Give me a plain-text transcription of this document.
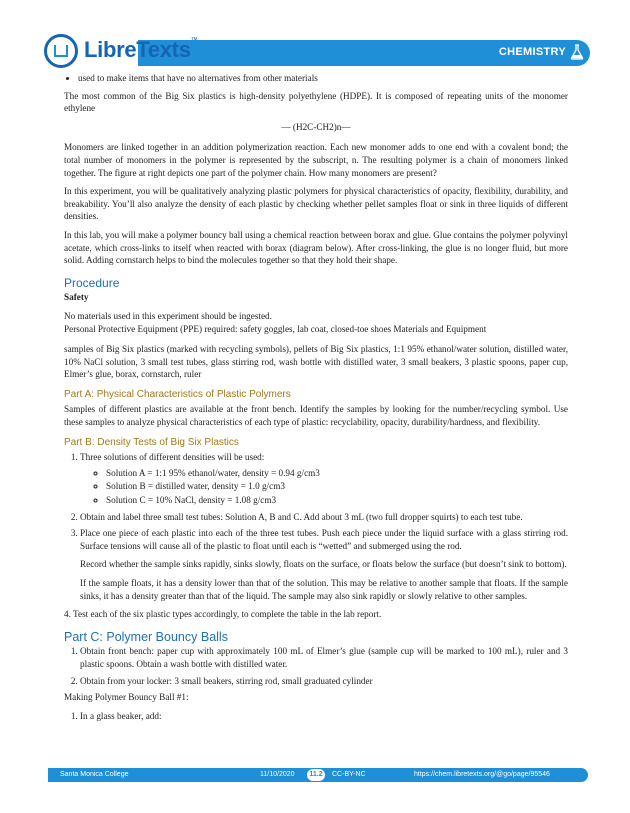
LibreTexts™
CHEMISTRY
• used to make items that have no alternatives from other materials

The most common of the Big Six plastics is high-density polyethylene (HDPE). It is composed of repeating units of the monomer ethylene

— (H2C-CH2)n—

Monomers are linked together in an addition polymerization reaction. Each new monomer adds to one end with a covalent bond; the total number of monomers in the polymer is represented by the subscript, n. The resulting polymer is a chain of monomers linked together. The figure at right depicts one part of the polymer chain. How many monomers are present?

In this experiment, you will be qualitatively analyzing plastic polymers for physical characteristics of opacity, flexibility, durability, and breakability. You’ll also analyze the density of each plastic by checking whether pellet samples float or sink in three liquids of different densities.

In this lab, you will make a polymer bouncy ball using a chemical reaction between borax and glue. Glue contains the polymer polyvinyl acetate, which cross-links to itself when reacted with borax (diagram below). After cross-linking, the glue is no longer fluid, but more solid. Adding cornstarch helps to bind the molecules together so that they hold their shape.

Procedure

Safety

No materials used in this experiment should be ingested.

Personal Protective Equipment (PPE) required: safety goggles, lab coat, closed-toe shoes Materials and Equipment

samples of Big Six plastics (marked with recycling symbols), pellets of Big Six plastics, 1:1 95% ethanol/water solution, distilled water, 10% NaCl solution, 3 small test tubes, glass stirring rod, wash bottle with distilled water, 3 small beakers, 3 plastic spoons, paper cup, Elmer’s glue, borax, cornstarch, ruler

Part A: Physical Characteristics of Plastic Polymers

Samples of different plastics are available at the front bench. Identify the samples by looking for the number/recycling symbol. Use these samples to analyze physical characteristics of each type of plastic: recyclability, opacity, durability/hardness, and flexibility.

Part B: Density Tests of Big Six Plastics
1. Three solutions of different densities will be used:
◦ Solution A = 1:1 95% ethanol/water, density = 0.94 g/cm3
◦ Solution B = distilled water, density = 1.0 g/cm3
◦ Solution C = 10% NaCl, density = 1.08 g/cm3
2. Obtain and label three small test tubes: Solution A, B and C. Add about 3 mL (two full dropper squirts) to each test tube.
3. Place one piece of each plastic into each of the three test tubes. Push each piece under the liquid surface with a glass stirring rod. Surface tensions will cause all of the plastic to float until each is “wetted” and submerged using the rod.

Record whether the sample sinks rapidly, sinks slowly, floats on the surface, or floats below the surface (but doesn’t sink to bottom).

If the sample floats, it has a density lower than that of the solution. This may be relative to another sample that floats. If the sample sinks, it has a density greater than that of the liquid. The sample may also sink rapidly or slowly relative to other samples.

4. Test each of the six plastic types accordingly, to complete the table in the lab report.

Part C: Polymer Bouncy Balls
1. Obtain front bench: paper cup with approximately 100 mL of Elmer’s glue (sample cup will be marked to 100 mL), ruler and 3 plastic spoons. Obtain a wash bottle with distilled water.
2. Obtain from your locker: 3 small beakers, stirring rod, small graduated cylinder

Making Polymer Bouncy Ball #1:

1. In a glass beaker, add:
Santa Monica College	11/10/2020	11.2	CC-BY-NC	https://chem.libretexts.org/@go/page/95546
